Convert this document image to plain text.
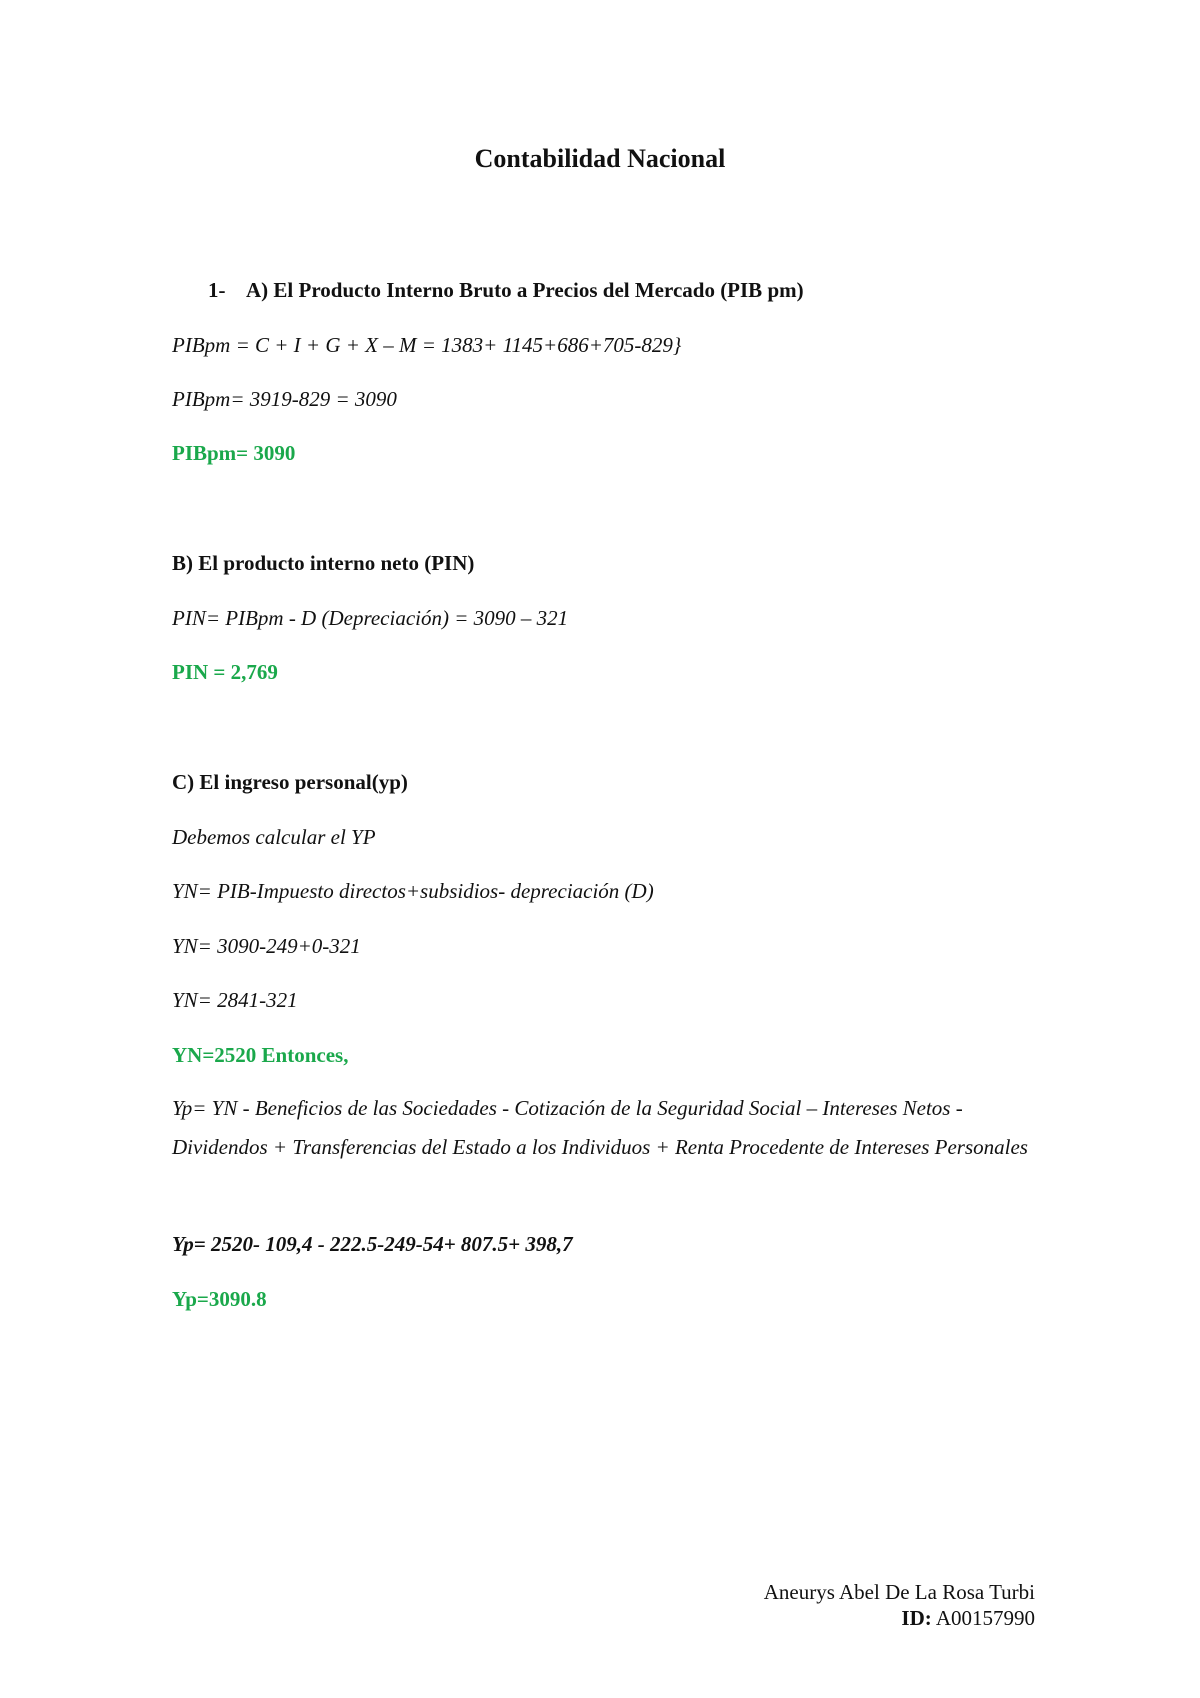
Contabilidad Nacional
1- A) El Producto Interno Bruto a Precios del Mercado (PIB pm)
PIBpm = C + I + G + X – M = 1383+ 1145+686+705-829}
PIBpm= 3919-829 = 3090
PIBpm= 3090
B) El producto interno neto (PIN)
PIN= PIBpm - D (Depreciación) = 3090 – 321
PIN = 2,769
C) El ingreso personal(yp)
Debemos calcular el YP
YN= PIB-Impuesto directos+subsidios- depreciación (D)
YN= 3090-249+0-321
YN= 2841-321
YN=2520 Entonces,
Yp= YN - Beneficios de las Sociedades - Cotización de la Seguridad Social – Intereses Netos - Dividendos + Transferencias del Estado a los Individuos + Renta Procedente de Intereses Personales
Yp= 2520- 109,4 - 222.5-249-54+ 807.5+ 398,7
Yp=3090.8
Aneurys Abel De La Rosa Turbi
ID: A00157990
